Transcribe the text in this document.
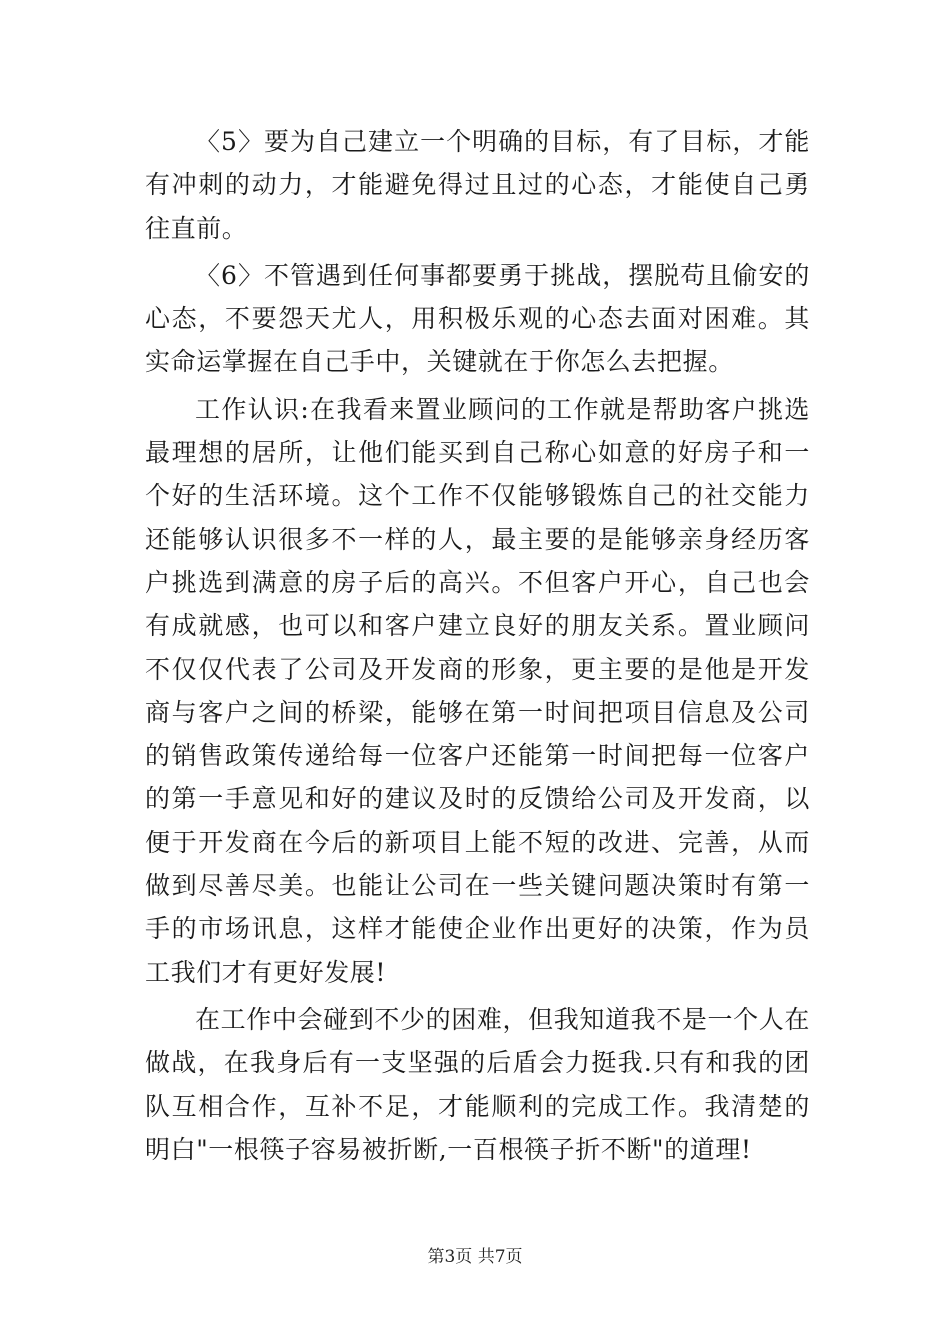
〈5〉要为自己建立一个明确的目标，有了目标，才能有冲刺的动力，才能避免得过且过的心态，才能使自己勇往直前。

〈6〉不管遇到任何事都要勇于挑战，摆脱苟且偷安的心态，不要怨天尤人，用积极乐观的心态去面对困难。其实命运掌握在自己手中，关键就在于你怎么去把握。

工作认识:在我看来置业顾问的工作就是帮助客户挑选最理想的居所，让他们能买到自己称心如意的好房子和一个好的生活环境。这个工作不仅能够锻炼自己的社交能力还能够认识很多不一样的人，最主要的是能够亲身经历客户挑选到满意的房子后的高兴。不但客户开心，自己也会有成就感，也可以和客户建立良好的朋友关系。置业顾问不仅仅代表了公司及开发商的形象，更主要的是他是开发商与客户之间的桥梁，能够在第一时间把项目信息及公司的销售政策传递给每一位客户还能第一时间把每一位客户的第一手意见和好的建议及时的反馈给公司及开发商，以便于开发商在今后的新项目上能不短的改进、完善，从而做到尽善尽美。也能让公司在一些关键问题决策时有第一手的市场讯息，这样才能使企业作出更好的决策，作为员工我们才有更好发展!

在工作中会碰到不少的困难，但我知道我不是一个人在做战，在我身后有一支坚强的后盾会力挺我.只有和我的团队互相合作，互补不足，才能顺利的完成工作。我清楚的明白"一根筷子容易被折断,一百根筷子折不断"的道理!

第3页 共7页
